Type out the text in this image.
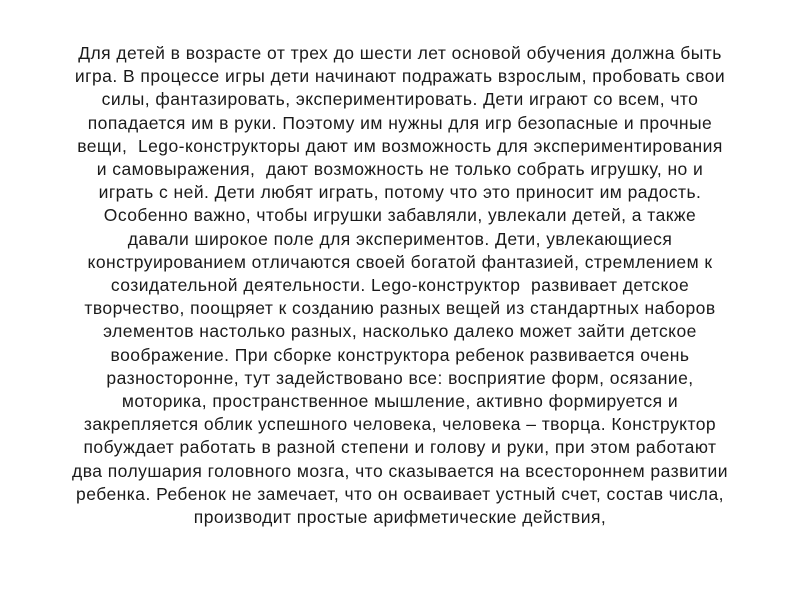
Для детей в возрасте от трех до шести лет основой обучения должна быть
игра. В процессе игры дети начинают подражать взрослым, пробовать свои
силы, фантазировать, экспериментировать. Дети играют со всем, что
попадается им в руки. Поэтому им нужны для игр безопасные и прочные
вещи,  Lego-конструкторы дают им возможность для экспериментирования
и самовыражения,  дают возможность не только собрать игрушку, но и
играть с ней. Дети любят играть, потому что это приносит им радость.
Особенно важно, чтобы игрушки забавляли, увлекали детей, а также
давали широкое поле для экспериментов. Дети, увлекающиеся
конструированием отличаются своей богатой фантазией, стремлением к
созидательной деятельности. Lego-конструктор  развивает детское
творчество, поощряет к созданию разных вещей из стандартных наборов
элементов настолько разных, насколько далеко может зайти детское
воображение. При сборке конструктора ребенок развивается очень
разносторонне, тут задействовано все: восприятие форм, осязание,
моторика, пространственное мышление, активно формируется и
закрепляется облик успешного человека, человека – творца. Конструктор
побуждает работать в разной степени и голову и руки, при этом работают
два полушария головного мозга, что сказывается на всестороннем развитии
ребенка. Ребенок не замечает, что он осваивает устный счет, состав числа,
производит простые арифметические действия,
